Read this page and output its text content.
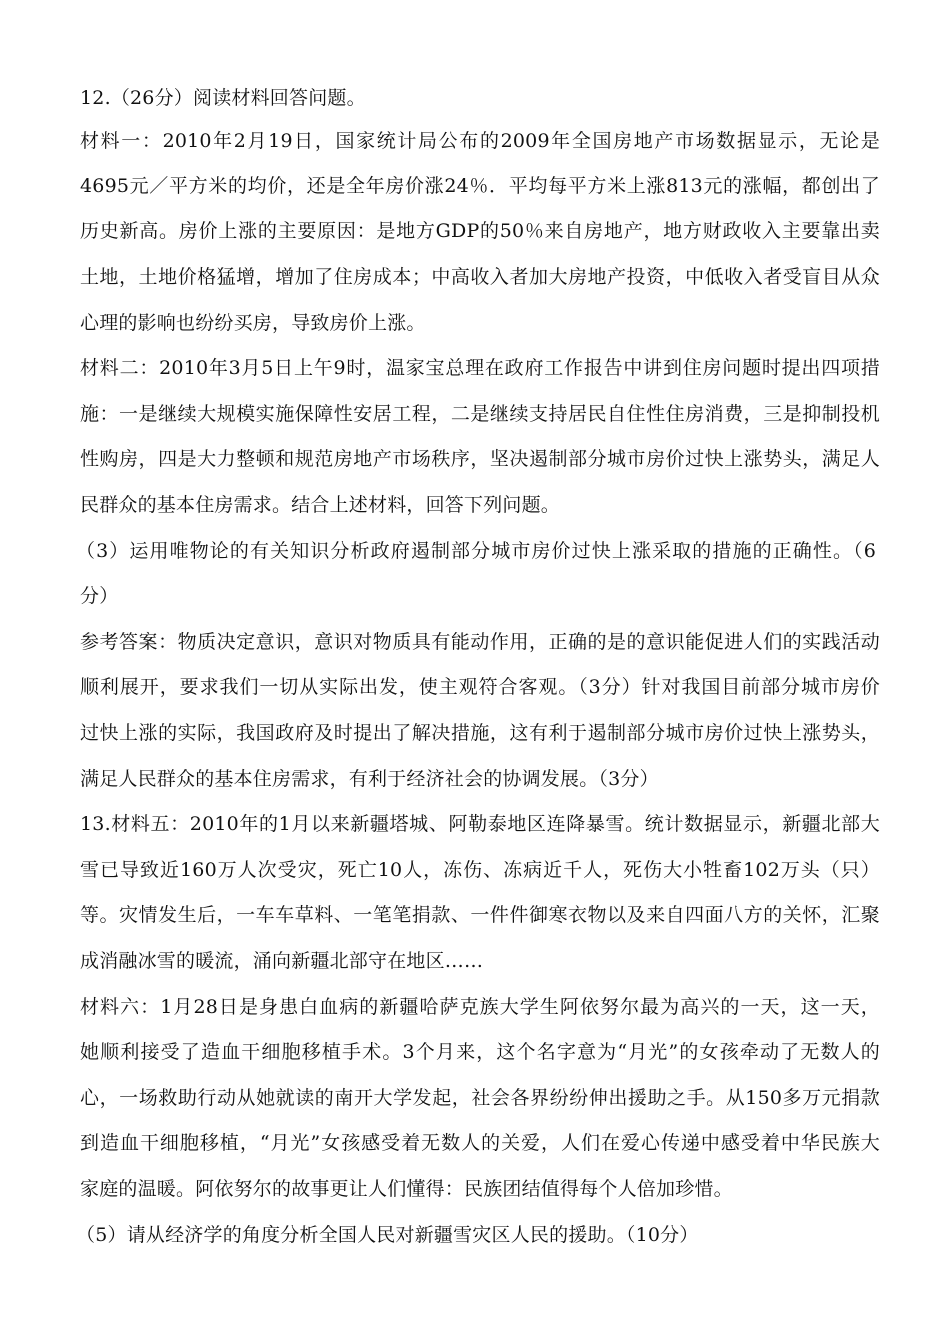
12.（26分）阅读材料回答问题。
材料一：2010年2月19日，国家统计局公布的2009年全国房地产市场数据显示，无论是
4695元／平方米的均价，还是全年房价涨24％．平均每平方米上涨813元的涨幅，都创出了
历史新高。房价上涨的主要原因：是地方GDP的50％来自房地产，地方财政收入主要靠出卖
土地，土地价格猛增，增加了住房成本；中高收入者加大房地产投资，中低收入者受盲目从众
心理的影响也纷纷买房，导致房价上涨。
材料二：2010年3月5日上午9时，温家宝总理在政府工作报告中讲到住房问题时提出四项措
施：一是继续大规模实施保障性安居工程，二是继续支持居民自住性住房消费，三是抑制投机
性购房，四是大力整顿和规范房地产市场秩序，坚决遏制部分城市房价过快上涨势头，满足人
民群众的基本住房需求。结合上述材料，回答下列问题。
（3）运用唯物论的有关知识分析政府遏制部分城市房价过快上涨采取的措施的正确性。（6
分）
参考答案：物质决定意识，意识对物质具有能动作用，正确的是的意识能促进人们的实践活动
顺利展开，要求我们一切从实际出发，使主观符合客观。（3分）针对我国目前部分城市房价
过快上涨的实际，我国政府及时提出了解决措施，这有利于遏制部分城市房价过快上涨势头，
满足人民群众的基本住房需求，有利于经济社会的协调发展。（3分）
13.材料五：2010年的1月以来新疆塔城、阿勒泰地区连降暴雪。统计数据显示，新疆北部大
雪已导致近160万人次受灾，死亡10人，冻伤、冻病近千人，死伤大小牲畜102万头（只）
等。灾情发生后，一车车草料、一笔笔捐款、一件件御寒衣物以及来自四面八方的关怀，汇聚
成消融冰雪的暖流，涌向新疆北部守在地区……
材料六：1月28日是身患白血病的新疆哈萨克族大学生阿依努尔最为高兴的一天，这一天，
她顺利接受了造血干细胞移植手术。3个月来，这个名字意为“月光”的女孩牵动了无数人的
心，一场救助行动从她就读的南开大学发起，社会各界纷纷伸出援助之手。从150多万元捐款
到造血干细胞移植，“月光”女孩感受着无数人的关爱，人们在爱心传递中感受着中华民族大
家庭的温暖。阿依努尔的故事更让人们懂得：民族团结值得每个人倍加珍惜。
（5）请从经济学的角度分析全国人民对新疆雪灾区人民的援助。（10分）
